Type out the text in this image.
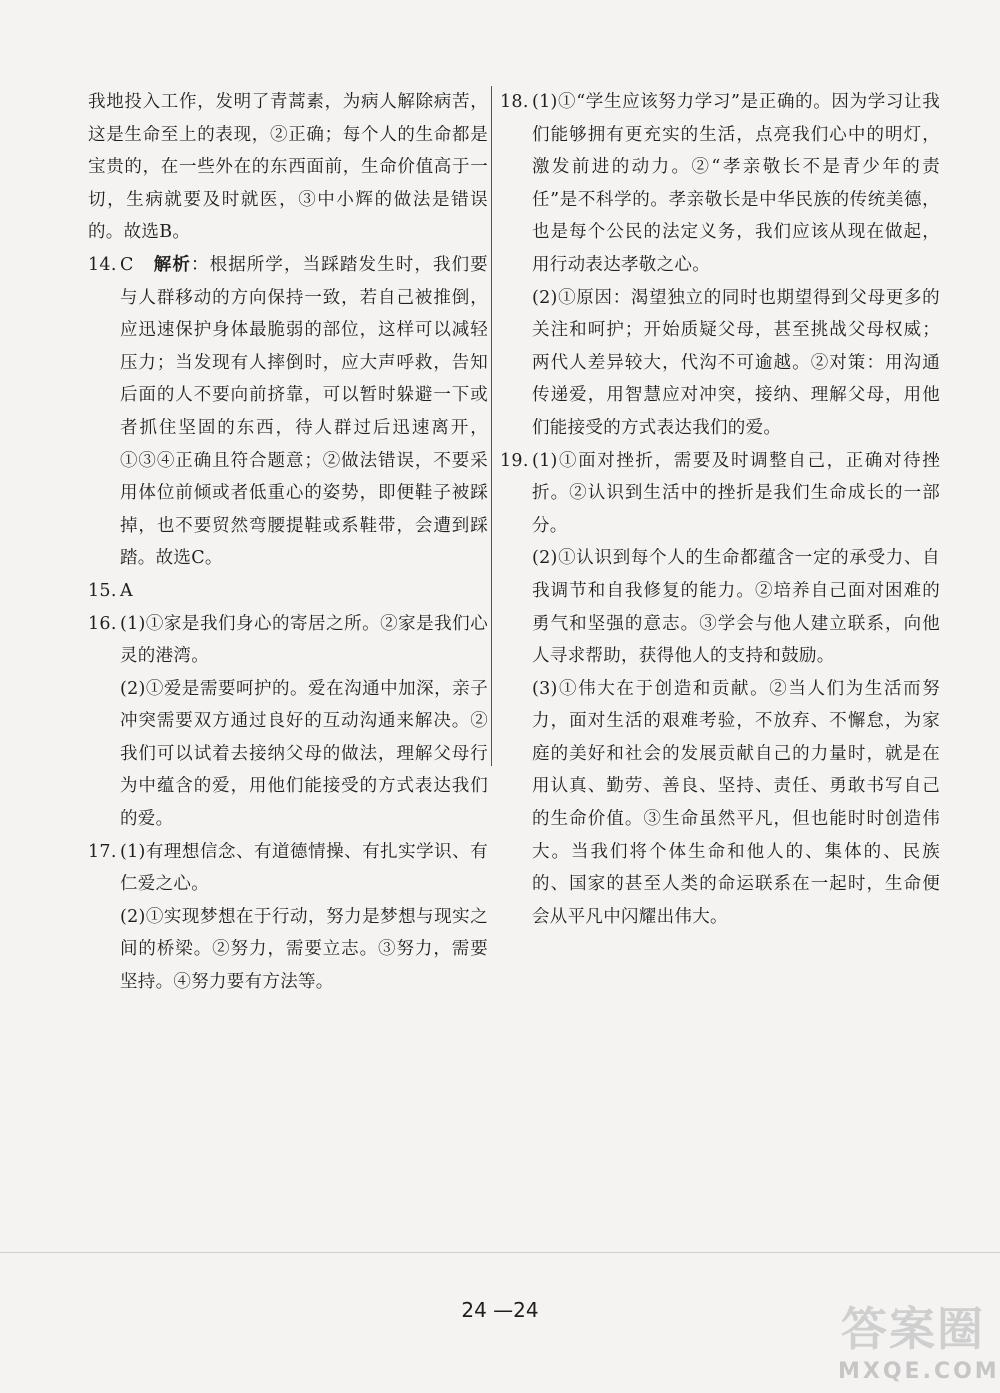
我地投入工作，发明了青蒿素，为病人解除病苦，这是生命至上的表现，②正确；每个人的生命都是宝贵的，在一些外在的东西面前，生命价值高于一切，生病就要及时就医，③中小辉的做法是错误的。故选B。

14. C 解析：根据所学，当踩踏发生时，我们要与人群移动的方向保持一致，若自己被推倒，应迅速保护身体最脆弱的部位，这样可以减轻压力；当发现有人摔倒时，应大声呼救，告知后面的人不要向前挤靠，可以暂时躲避一下或者抓住坚固的东西，待人群过后迅速离开，①③④正确且符合题意；②做法错误，不要采用体位前倾或者低重心的姿势，即便鞋子被踩掉，也不要贸然弯腰提鞋或系鞋带，会遭到踩踏。故选C。

15. A

16. (1)①家是我们身心的寄居之所。②家是我们心灵的港湾。

(2)①爱是需要呵护的。爱在沟通中加深，亲子冲突需要双方通过良好的互动沟通来解决。②我们可以试着去接纳父母的做法，理解父母行为中蕴含的爱，用他们能接受的方式表达我们的爱。

17. (1)有理想信念、有道德情操、有扎实学识、有仁爱之心。

(2)①实现梦想在于行动，努力是梦想与现实之间的桥梁。②努力，需要立志。③努力，需要坚持。④努力要有方法等。

18. (1)①“学生应该努力学习”是正确的。因为学习让我们能够拥有更充实的生活，点亮我们心中的明灯，激发前进的动力。②“孝亲敬长不是青少年的责任”是不科学的。孝亲敬长是中华民族的传统美德，也是每个公民的法定义务，我们应该从现在做起，用行动表达孝敬之心。

(2)①原因：渴望独立的同时也期望得到父母更多的关注和呵护；开始质疑父母，甚至挑战父母权威；两代人差异较大，代沟不可逾越。②对策：用沟通传递爱，用智慧应对冲突，接纳、理解父母，用他们能接受的方式表达我们的爱。

19. (1)①面对挫折，需要及时调整自己，正确对待挫折。②认识到生活中的挫折是我们生命成长的一部分。

(2)①认识到每个人的生命都蕴含一定的承受力、自我调节和自我修复的能力。②培养自己面对困难的勇气和坚强的意志。③学会与他人建立联系，向他人寻求帮助，获得他人的支持和鼓励。

(3)①伟大在于创造和贡献。②当人们为生活而努力，面对生活的艰难考验，不放弃、不懈怠，为家庭的美好和社会的发展贡献自己的力量时，就是在用认真、勤劳、善良、坚持、责任、勇敢书写自己的生命价值。③生命虽然平凡，但也能时时创造伟大。当我们将个体生命和他人的、集体的、民族的、国家的甚至人类的命运联系在一起时，生命便会从平凡中闪耀出伟大。

24 —24	答案圈
MXQE.COM
